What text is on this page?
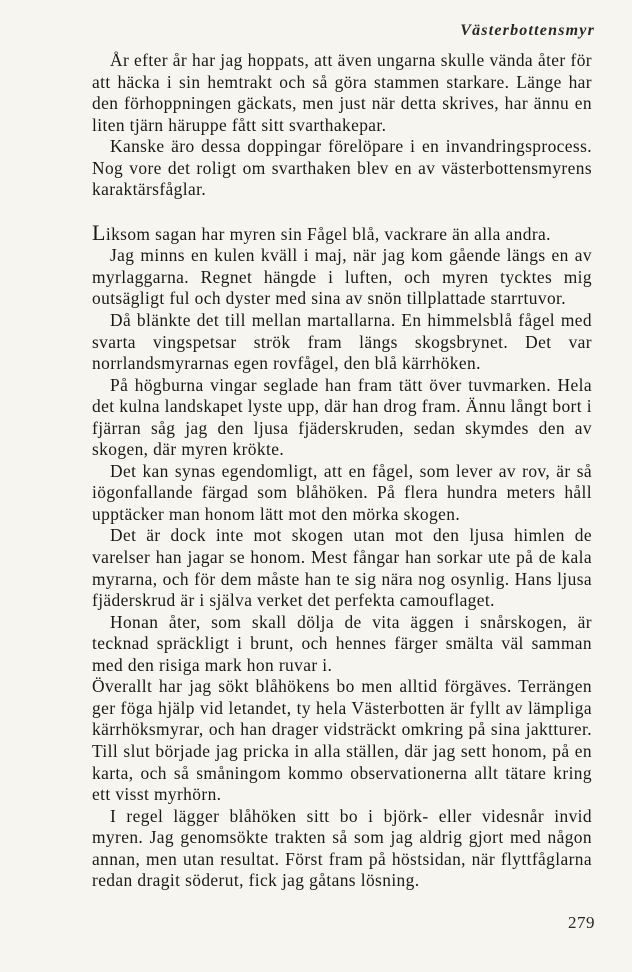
Västerbottensmyr

År efter år har jag hoppats, att även ungarna skulle vända åter för att häcka i sin hemtrakt och så göra stammen starkare. Länge har den förhoppningen gäckats, men just när detta skrives, har ännu en liten tjärn häruppe fått sitt svarthakepar.

Kanske äro dessa doppingar förelöpare i en invandringsprocess. Nog vore det roligt om svarthaken blev en av västerbottensmyrens karaktärsfåglar.

Liksom sagan har myren sin Fågel blå, vackrare än alla andra.

Jag minns en kulen kväll i maj, när jag kom gående längs en av myrlaggarna. Regnet hängde i luften, och myren tycktes mig outsägligt ful och dyster med sina av snön tillplattade starrtuvor.

Då blänkte det till mellan martallarna. En himmelsblå fågel med svarta vingspetsar strök fram längs skogsbrynet. Det var norrlandsmyrarnas egen rovfågel, den blå kärrhöken.

På högburna vingar seglade han fram tätt över tuvmarken. Hela det kulna landskapet lyste upp, där han drog fram. Ännu långt bort i fjärran såg jag den ljusa fjäderskruden, sedan skymdes den av skogen, där myren krökte.

Det kan synas egendomligt, att en fågel, som lever av rov, är så iögonfallande färgad som blåhöken. På flera hundra meters håll upptäcker man honom lätt mot den mörka skogen.

Det är dock inte mot skogen utan mot den ljusa himlen de varelser han jagar se honom. Mest fångar han sorkar ute på de kala myrarna, och för dem måste han te sig nära nog osynlig. Hans ljusa fjäderskrud är i själva verket det perfekta camouflaget.

Honan åter, som skall dölja de vita äggen i snårskogen, är tecknad spräckligt i brunt, och hennes färger smälta väl samman med den risiga mark hon ruvar i.

Överallt har jag sökt blåhökens bo men alltid förgäves. Terrängen ger föga hjälp vid letandet, ty hela Västerbotten är fyllt av lämpliga kärrhöksmyrar, och han drager vidsträckt omkring på sina jaktturer. Till slut började jag pricka in alla ställen, där jag sett honom, på en karta, och så småningom kommo observationerna allt tätare kring ett visst myrhörn.

I regel lägger blåhöken sitt bo i björk- eller videsnår invid myren. Jag genomsökte trakten så som jag aldrig gjort med någon annan, men utan resultat. Först fram på höstsidan, när flyttfåglarna redan dragit söderut, fick jag gåtans lösning.

279
